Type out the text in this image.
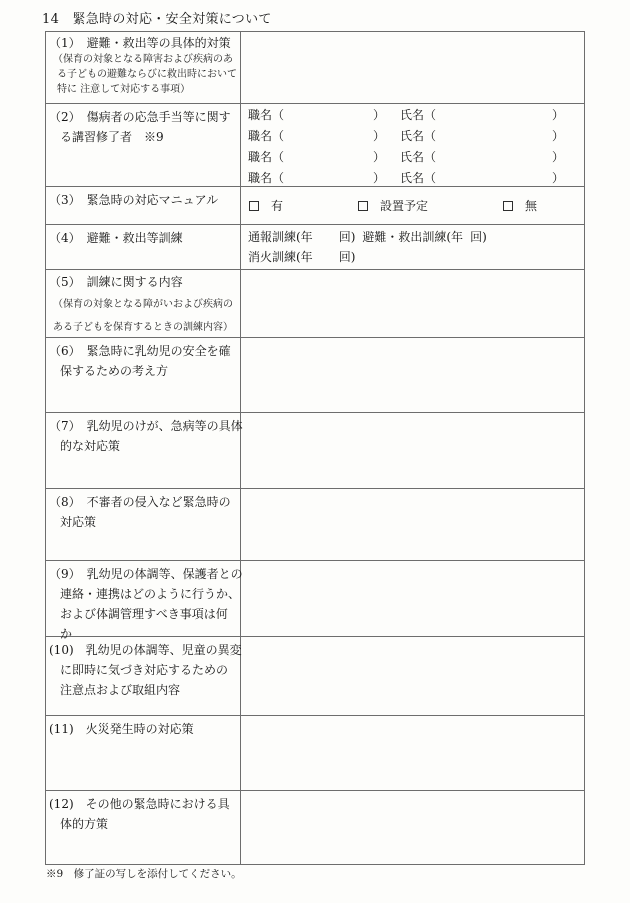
14　緊急時の対応・安全対策について
（1）　避難・救出等の具体的対策
（保育の対象となる障害および疾病のあ
る子どもの避難ならびに救出時において
特に 注意して対応する事項）
（2）　傷病者の応急手当等に関す
る講習修了者　※9
職名（	） 氏名（	）
職名（	） 氏名（	）
職名（	） 氏名（	）
職名（	） 氏名（	）
（3）　緊急時の対応マニュアル	有	設置予定	無
（4）　避難・救出等訓練	通報訓練(年 回) 避難・救出訓練(年 回)
消火訓練(年 回)
（5）　訓練に関する内容
（保育の対象となる障がいおよび疾病の
ある子どもを保育するときの訓練内容）
（6）　緊急時に乳幼児の安全を確
保するための考え方
（7）　乳幼児のけが、急病等の具体
的な対応策
（8）　不審者の侵入など緊急時の
対応策
（9）　乳幼児の体調等、保護者との
連絡・連携はどのように行うか、
および体調管理すべき事項は何
か
(10)　乳幼児の体調等、児童の異変
に即時に気づき対応するための
注意点および取組内容
(11)　火災発生時の対応策
(12)　その他の緊急時における具
体的方策
※9　修了証の写しを添付してください。
